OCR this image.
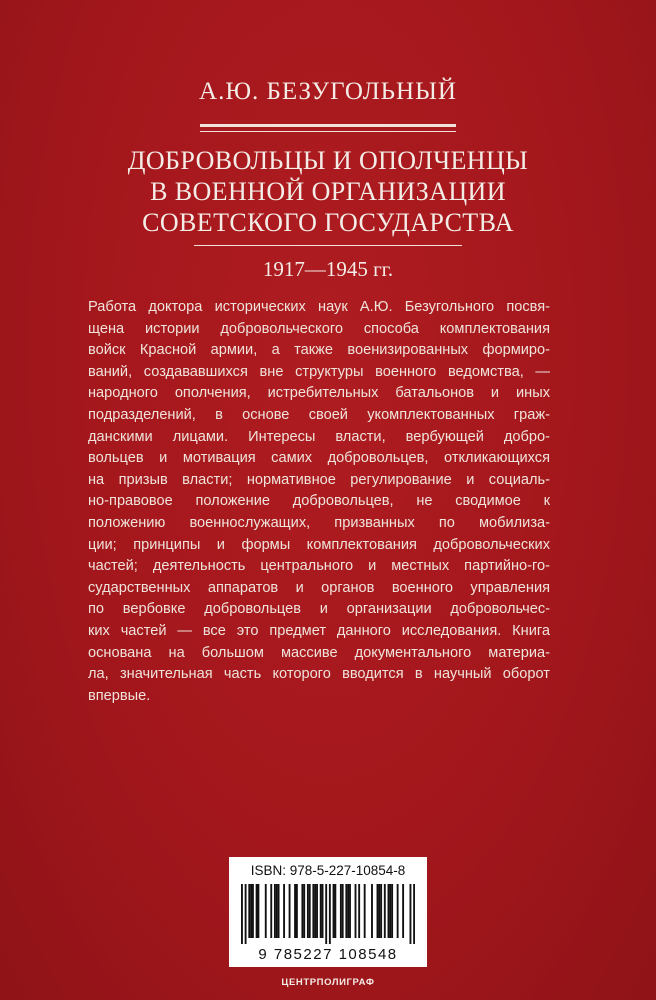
А.Ю. БЕЗУГОЛЬНЫЙ
ДОБРОВОЛЬЦЫ И ОПОЛЧЕНЦЫ
В ВОЕННОЙ ОРГАНИЗАЦИИ
СОВЕТСКОГО ГОСУДАРСТВА
1917—1945 гг.
Работа доктора исторических наук А.Ю. Безугольного посвя-
щена истории добровольческого способа комплектования
войск Красной армии, а также военизированных формиро-
ваний, создававшихся вне структуры военного ведомства, —
народного ополчения, истребительных батальонов и иных
подразделений, в основе своей укомплектованных граж-
данскими лицами. Интересы власти, вербующей добро-
вольцев и мотивация самих добровольцев, откликающихся
на призыв власти; нормативное регулирование и социаль-
но-правовое положение добровольцев, не сводимое к
положению военнослужащих, призванных по мобилиза-
ции; принципы и формы комплектования добровольческих
частей; деятельность центрального и местных партийно-го-
сударственных аппаратов и органов военного управления
по вербовке добровольцев и организации добровольчес-
ких частей — все это предмет данного исследования. Книга
основана на большом массиве документального материа-
ла, значительная часть которого вводится в научный оборот
впервые.
ISBN: 978-5-227-10854-8
9 785227 108548
ЦЕНТРПОЛИГРАФ
